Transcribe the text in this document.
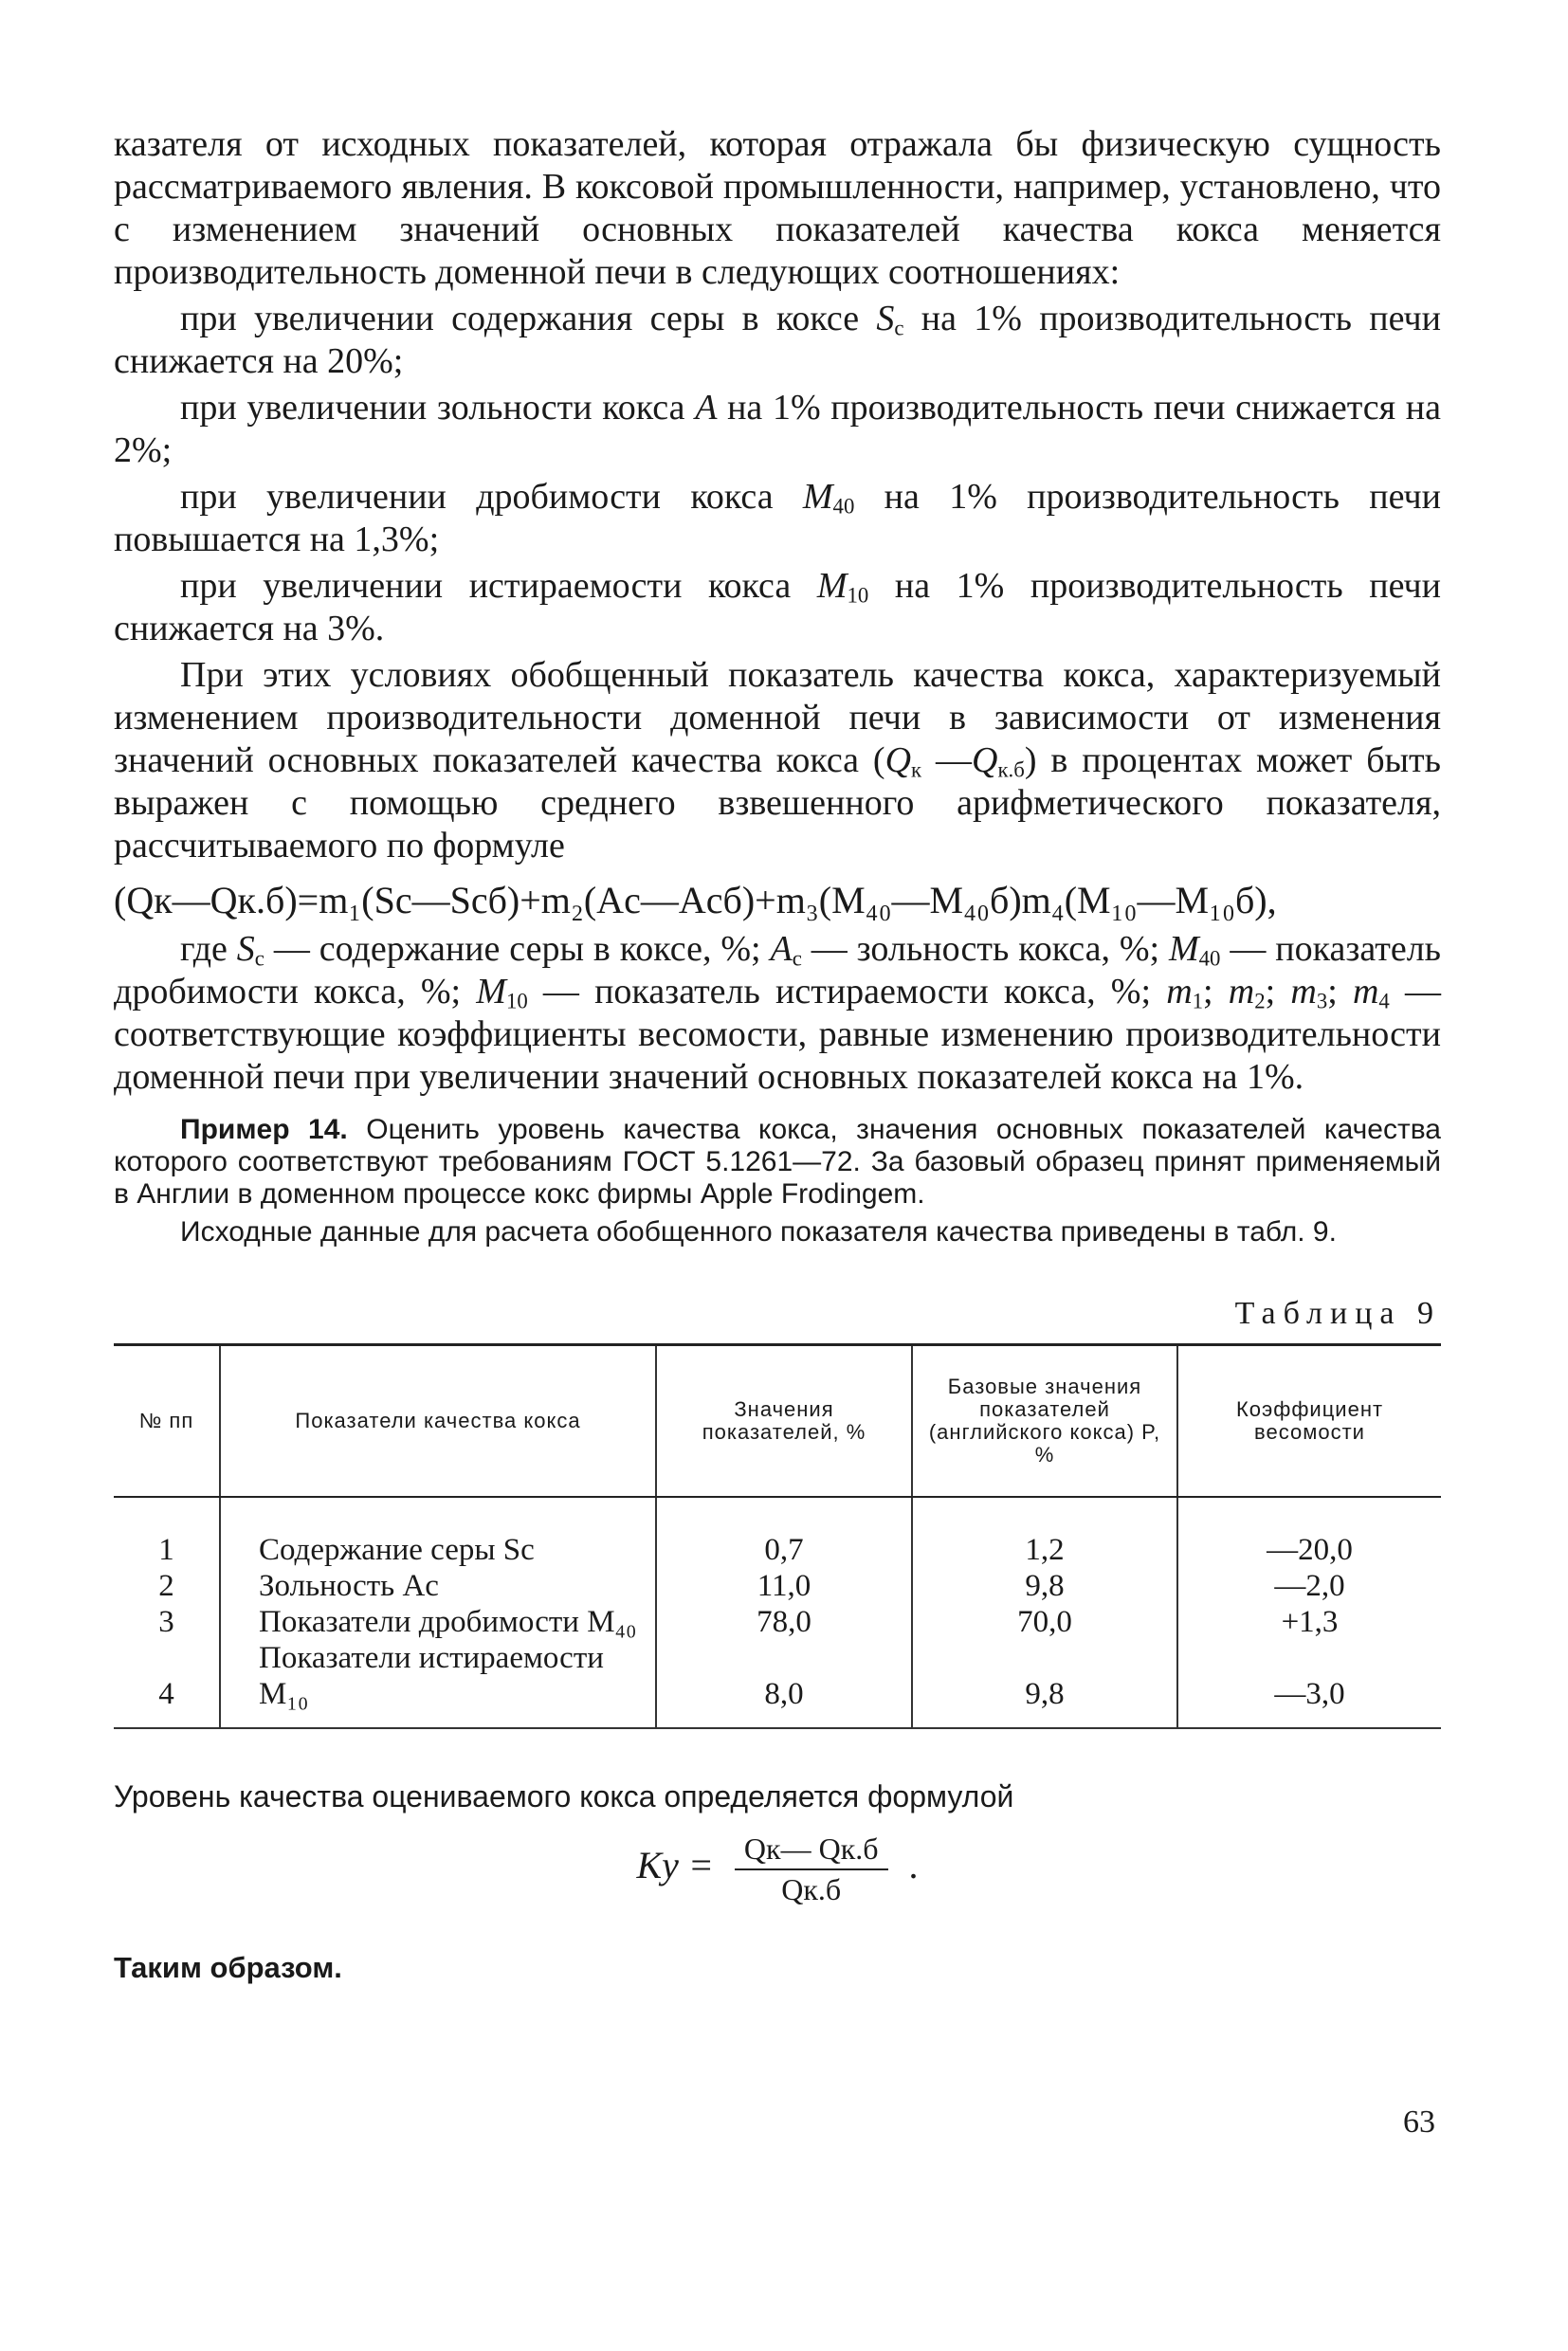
казателя от исходных показателей, которая отражала бы физическую сущность рассматриваемого явления. В коксовой промышленности, например, установлено, что с изменением значений основных показателей качества кокса меняется производительность доменной печи в следующих соотношениях:

при увеличении содержания серы в коксе $S_c$ на 1% производительность печи снижается на 20%;

при увеличении зольности кокса A на 1% производительность печи снижается на 2%;

при увеличении дробимости кокса $M_{40}$ на 1% производительность печи повышается на 1,3%;

при увеличении истираемости кокса $M_{10}$ на 1% производительность печи снижается на 3%.

При этих условиях обобщенный показатель качества кокса, характеризуемый изменением производительности доменной печи в зависимости от изменения значений основных показателей качества кокса ($Q_к$ $—Q_{к.б}$) в процентах может быть выражен с помощью среднего взвешенного арифметического показателя, рассчитываемого по формуле

(Qк—Qк.б)=m₁(Sc—Scб)+m₂(Ac—Acб)+m₃(M₄₀—M₄₀б)m₄(M₁₀—M₁₀б),

где $S_c$ — содержание серы в коксе, %; $A_c$ — зольность кокса, %; $M_{40}$ — показатель дробимости кокса, %; $M_{10}$ — показатель истираемости кокса, %; $m_1$; $m_2$; $m_3$; $m_4$ — соответствующие коэффициенты весомости, равные изменению производительности доменной печи при увеличении значений основных показателей кокса на 1%.

Пример 14. Оценить уровень качества кокса, значения основных показателей качества которого соответствуют требованиям ГОСТ 5.1261—72. За базовый образец принят применяемый в Англии в доменном процессе кокс фирмы Apple Frodingem.

Исходные данные для расчета обобщенного показателя качества приведены в табл. 9.

Таблица 9
№ пп	Показатели качества кокса	Значения показателей, %	Базовые значения показателей (английского кокса) P, %	Коэффициент весомости
1	Содержание серы Sc	0,7	1,2	—20,0
2	Зольность Ac	11,0	9,8	—2,0
3	Показатели дробимости M₄₀	78,0	70,0	+1,3
4	Показатели истираемости M₁₀	8,0	9,8	—3,0

Уровень качества оцениваемого кокса определяется формулой

$Ky = \frac{Qк— Qк.б}{Qк.б}$ .
Таким образом.
63
